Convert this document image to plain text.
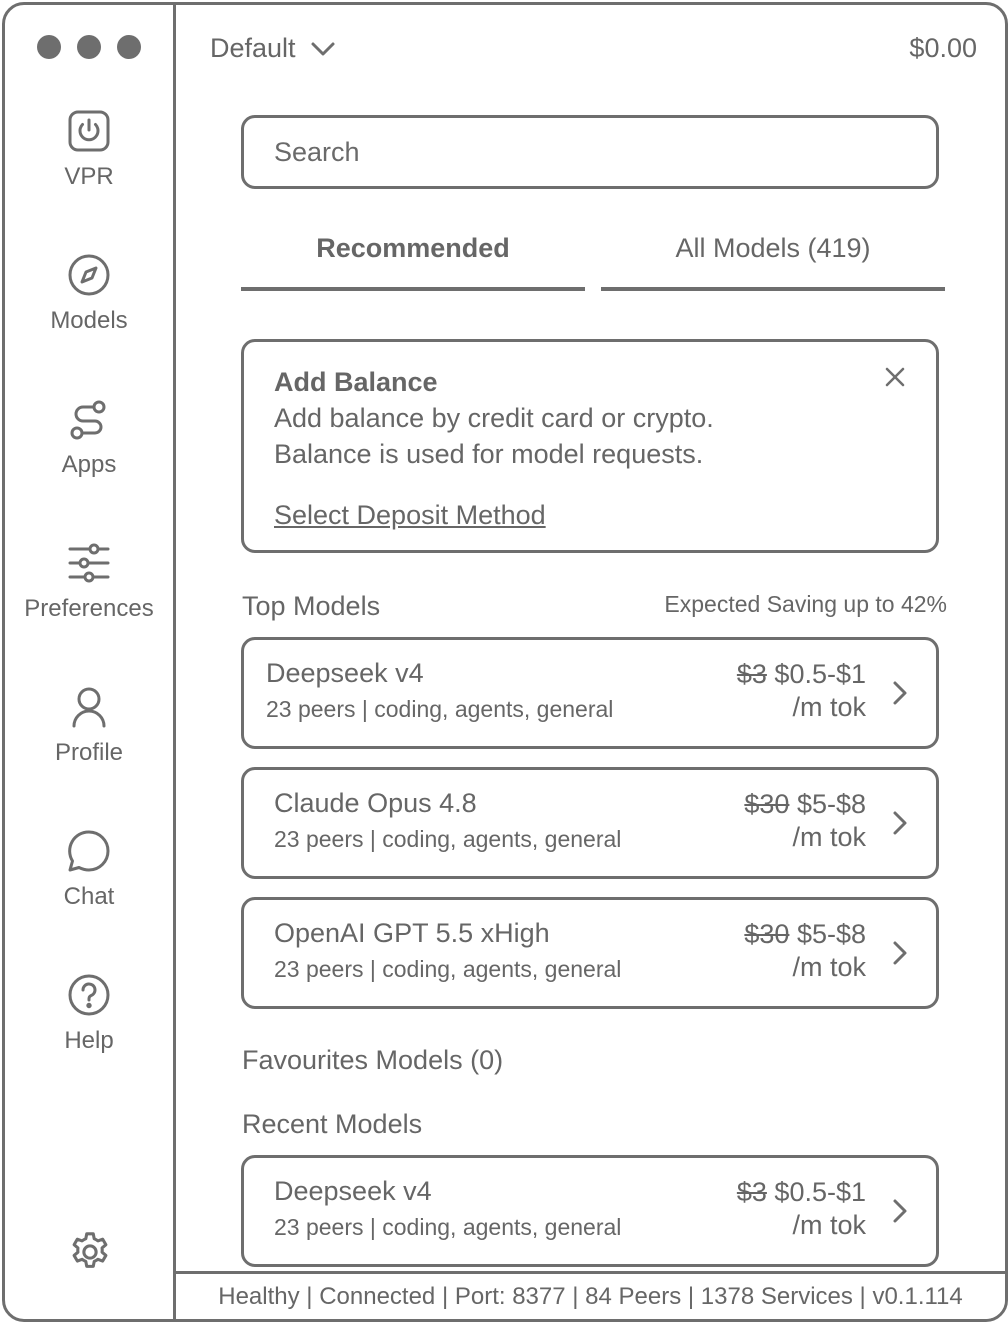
VPR
Models
Apps
Preferences
Profile
Chat
Help
Default	$0.00
Search
Recommended	All Models (419)
Add Balance
Add balance by credit card or crypto.
Balance is used for model requests.
Select Deposit Method
Top Models	Expected Saving up to 42%
Deepseek v4
23 peers | coding, agents, general
$3 $0.5-$1
/m tok
Claude Opus 4.8
23 peers | coding, agents, general
$30 $5-$8
/m tok
OpenAI GPT 5.5 xHigh
23 peers | coding, agents, general
$30 $5-$8
/m tok
Favourites Models (0)
Recent Models
Deepseek v4
23 peers | coding, agents, general
$3 $0.5-$1
/m tok
Healthy | Connected | Port: 8377 | 84 Peers | 1378 Services | v0.1.114
